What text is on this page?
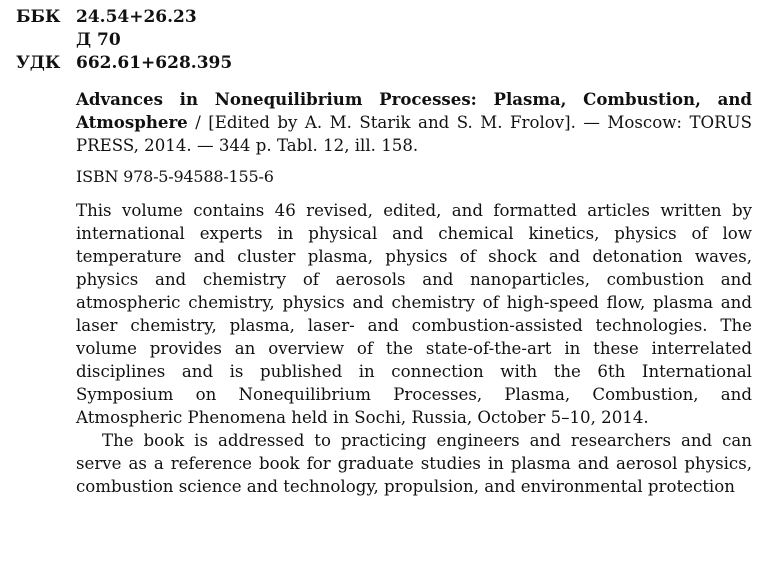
ББК 24.54+26.23
Д 70
УДК 662.61+628.395

Advances in Nonequilibrium Processes: Plasma, Combustion, and Atmosphere / [Edited by A. M. Starik and S. M. Frolov]. — Moscow: TORUS PRESS, 2014. — 344 p. Tabl. 12, ill. 158.

ISBN 978-5-94588-155-6

This volume contains 46 revised, edited, and formatted articles written by international experts in physical and chemical kinetics, physics of low temperature and cluster plasma, physics of shock and detonation waves, physics and chemistry of aerosols and nanoparticles, combustion and atmospheric chemistry, physics and chemistry of high-speed flow, plasma and laser chemistry, plasma, laser- and combustion-assisted technologies. The volume provides an overview of the state-of-the-art in these interrelated disciplines and is published in connection with the 6th International Symposium on Nonequilibrium Processes, Plasma, Combustion, and Atmospheric Phenomena held in Sochi, Russia, October 5–10, 2014.

The book is addressed to practicing engineers and researchers and can serve as a reference book for graduate studies in plasma and aerosol physics, combustion science and technology, propulsion, and environmental protection
